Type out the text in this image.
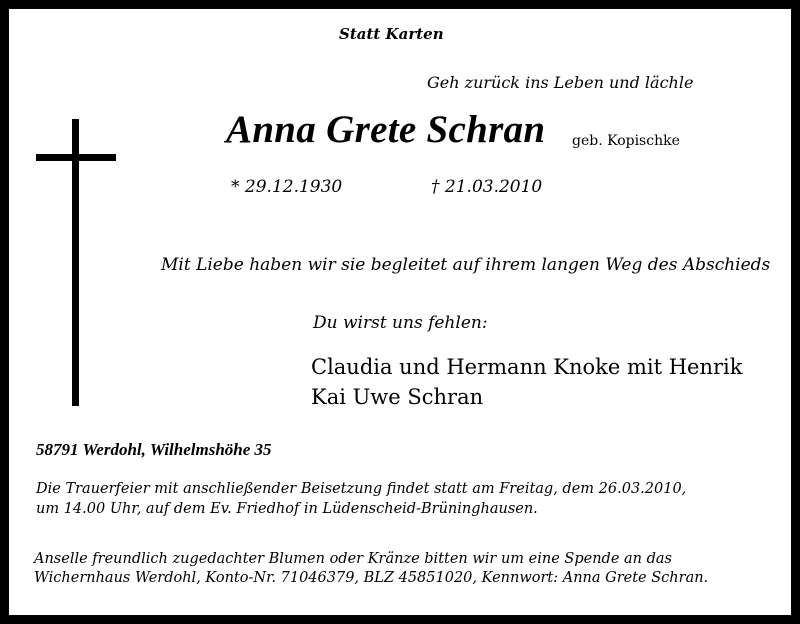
Statt Karten
Geh zurück ins Leben und lächle
Anna Grete Schran geb. Kopischke
* 29.12.1930	† 21.03.2010
Mit Liebe haben wir sie begleitet auf ihrem langen Weg des Abschieds
Du wirst uns fehlen:
Claudia und Hermann Knoke mit Henrik
Kai Uwe Schran
58791 Werdohl, Wilhelmshöhe 35
Die Trauerfeier mit anschließender Beisetzung findet statt am Freitag, dem 26.03.2010,
um 14.00 Uhr, auf dem Ev. Friedhof in Lüdenscheid-Brüninghausen.
Anselle freundlich zugedachter Blumen oder Kränze bitten wir um eine Spende an das
Wichernhaus Werdohl, Konto-Nr. 71046379, BLZ 45851020, Kennwort: Anna Grete Schran.
